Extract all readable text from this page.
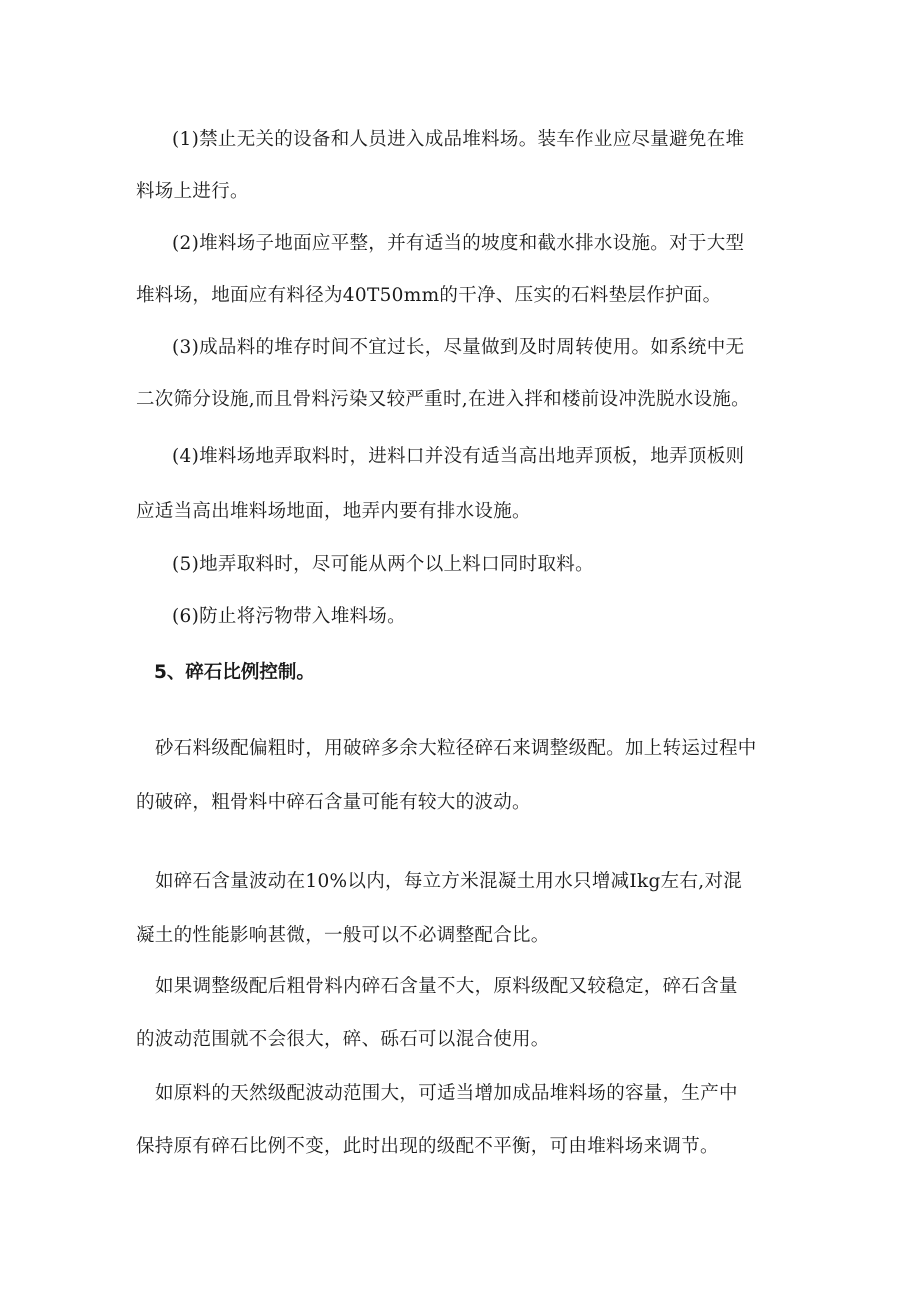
(1)禁止无关的设备和人员进入成品堆料场。装车作业应尽量避免在堆
料场上进行。
(2)堆料场子地面应平整，并有适当的坡度和截水排水设施。对于大型
堆料场，地面应有料径为40T50mm的干净、压实的石料垫层作护面。
(3)成品料的堆存时间不宜过长，尽量做到及时周转使用。如系统中无
二次筛分设施,而且骨料污染又较严重时,在进入拌和楼前设冲洗脱水设施。
(4)堆料场地弄取料时，进料口并没有适当高出地弄顶板，地弄顶板则
应适当高出堆料场地面，地弄内要有排水设施。
(5)地弄取料时，尽可能从两个以上料口同时取料。
(6)防止将污物带入堆料场。
5、碎石比例控制。
砂石料级配偏粗时，用破碎多余大粒径碎石来调整级配。加上转运过程中
的破碎，粗骨料中碎石含量可能有较大的波动。
如碎石含量波动在10%以内，每立方米混凝土用水只增减Ikg左右,对混
凝土的性能影响甚微，一般可以不必调整配合比。
如果调整级配后粗骨料内碎石含量不大，原料级配又较稳定，碎石含量
的波动范围就不会很大，碎、砾石可以混合使用。
如原料的天然级配波动范围大，可适当增加成品堆料场的容量，生产中
保持原有碎石比例不变，此时出现的级配不平衡，可由堆料场来调节。
